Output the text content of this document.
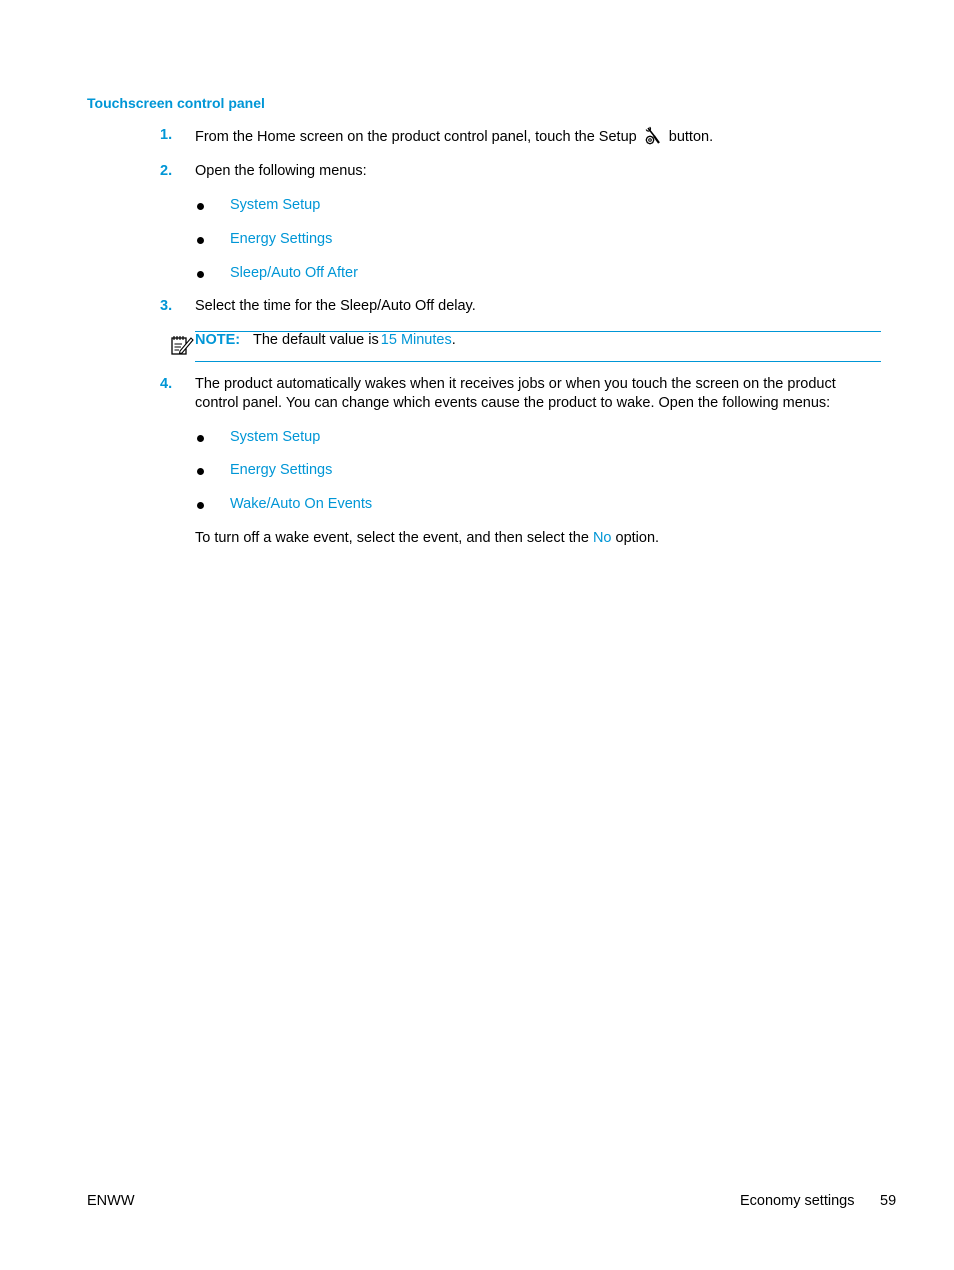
Touchscreen control panel
1. From the Home screen on the product control panel, touch the Setup button.
2. Open the following menus:
System Setup
Energy Settings
Sleep/Auto Off After
3. Select the time for the Sleep/Auto Off delay.
NOTE: The default value is 15 Minutes.
4. The product automatically wakes when it receives jobs or when you touch the screen on the product control panel. You can change which events cause the product to wake. Open the following menus:
System Setup
Energy Settings
Wake/Auto On Events
To turn off a wake event, select the event, and then select the No option.
ENWW	Economy settings 59
